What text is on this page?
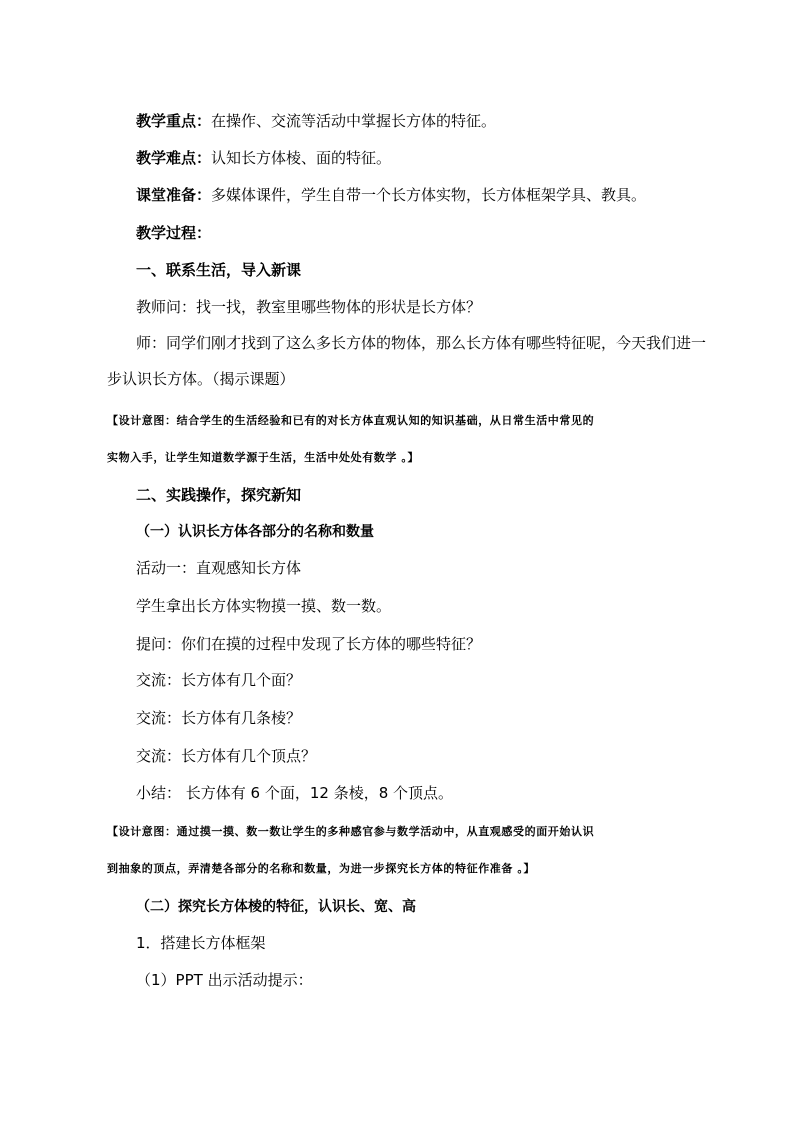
教学重点：在操作、交流等活动中掌握长方体的特征。
教学难点：认知长方体棱、面的特征。
课堂准备：多媒体课件，学生自带一个长方体实物，长方体框架学具、教具。
教学过程：
一、联系生活，导入新课
教师问：找一找，教室里哪些物体的形状是长方体？
师：同学们刚才找到了这么多长方体的物体，那么长方体有哪些特征呢，今天我们进一
步认识长方体。（揭示课题）
【设计意图：结合学生的生活经验和已有的对长方体直观认知的知识基础，从日常生活中常见的
实物入手，让学生知道数学源于生活，生活中处处有数学 。】
二、实践操作，探究新知
（一）认识长方体各部分的名称和数量
活动一：直观感知长方体
学生拿出长方体实物摸一摸、数一数。
提问：你们在摸的过程中发现了长方体的哪些特征？
交流：长方体有几个面？
交流：长方体有几条棱？
交流：长方体有几个顶点？
小结： 长方体有 6 个面，12 条棱，8 个顶点。
【设计意图：通过摸一摸、数一数让学生的多种感官参与数学活动中，从直观感受的面开始认识
到抽象的顶点，弄清楚各部分的名称和数量，为进一步探究长方体的特征作准备 。】
（二）探究长方体棱的特征，认识长、宽、高
1．搭建长方体框架
（1）PPT 出示活动提示：
